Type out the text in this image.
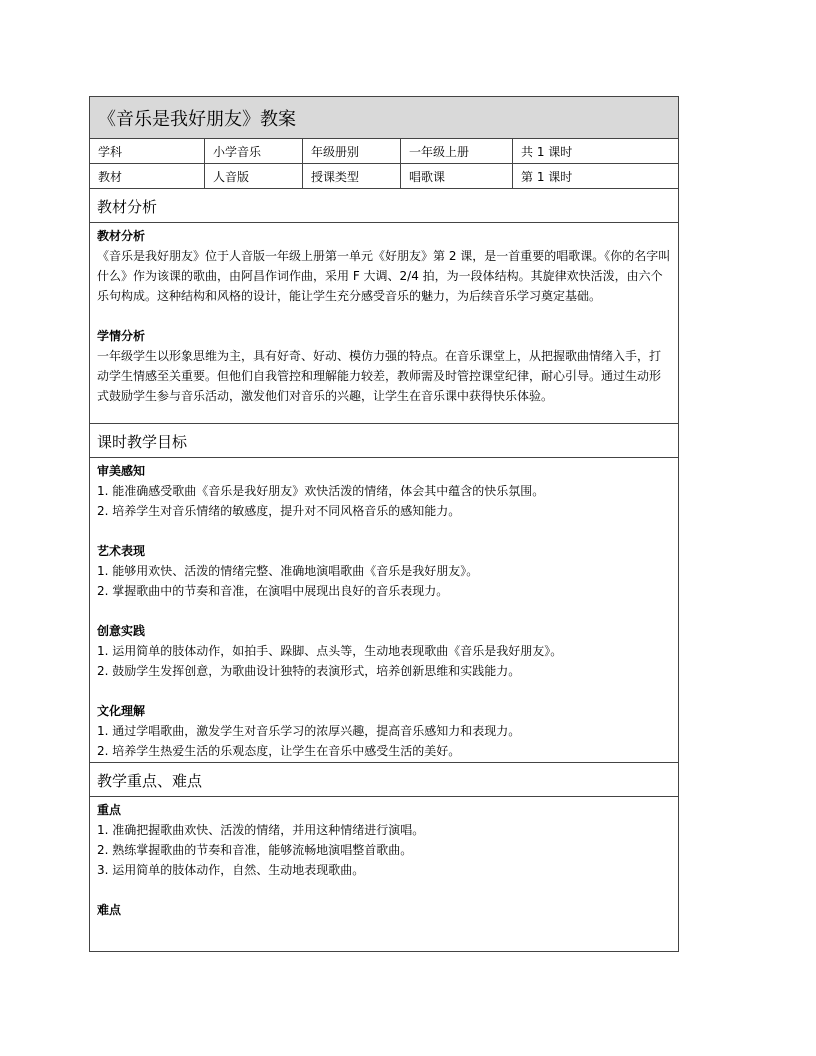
《音乐是我好朋友》教案
学科	小学音乐	年级册别	一年级上册	共 1 课时
教材	人音版	授课类型	唱歌课	第 1 课时
教材分析
教材分析

《音乐是我好朋友》位于人音版一年级上册第一单元《好朋友》第 2 课，是一首重要的唱歌课。《你的名字叫什么》作为该课的歌曲，由阿昌作词作曲，采用 F 大调、2/4 拍，为一段体结构。其旋律欢快活泼，由六个乐句构成。这种结构和风格的设计，能让学生充分感受音乐的魅力，为后续音乐学习奠定基础。

学情分析

一年级学生以形象思维为主，具有好奇、好动、模仿力强的特点。在音乐课堂上，从把握歌曲情绪入手，打动学生情感至关重要。但他们自我管控和理解能力较差，教师需及时管控课堂纪律，耐心引导。通过生动形式鼓励学生参与音乐活动，激发他们对音乐的兴趣，让学生在音乐课中获得快乐体验。

课时教学目标
审美感知
1. 能准确感受歌曲《音乐是我好朋友》欢快活泼的情绪，体会其中蕴含的快乐氛围。
2. 培养学生对音乐情绪的敏感度，提升对不同风格音乐的感知能力。
艺术表现
1. 能够用欢快、活泼的情绪完整、准确地演唱歌曲《音乐是我好朋友》。
2. 掌握歌曲中的节奏和音准，在演唱中展现出良好的音乐表现力。
创意实践
1. 运用简单的肢体动作，如拍手、跺脚、点头等，生动地表现歌曲《音乐是我好朋友》。
2. 鼓励学生发挥创意，为歌曲设计独特的表演形式，培养创新思维和实践能力。
文化理解
1. 通过学唱歌曲，激发学生对音乐学习的浓厚兴趣，提高音乐感知力和表现力。
2. 培养学生热爱生活的乐观态度，让学生在音乐中感受生活的美好。
教学重点、难点
重点
1. 准确把握歌曲欢快、活泼的情绪，并用这种情绪进行演唱。
2. 熟练掌握歌曲的节奏和音准，能够流畅地演唱整首歌曲。
3. 运用简单的肢体动作，自然、生动地表现歌曲。
难点
